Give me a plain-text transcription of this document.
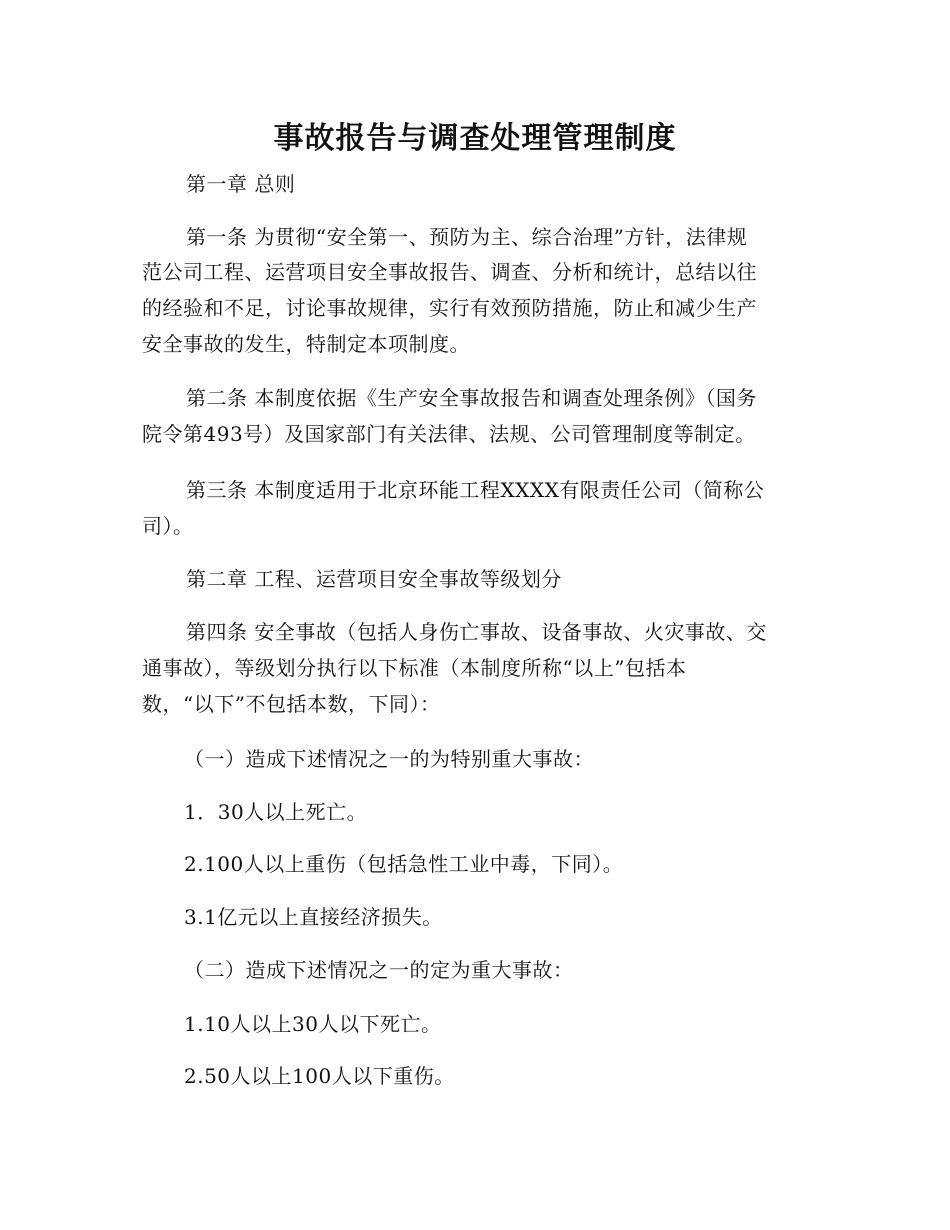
事故报告与调查处理管理制度
第一章 总则
第一条 为贯彻“安全第一、预防为主、综合治理”方针，法律规
范公司工程、运营项目安全事故报告、调查、分析和统计，总结以往
的经验和不足，讨论事故规律，实行有效预防措施，防止和减少生产
安全事故的发生，特制定本项制度。
第二条 本制度依据《生产安全事故报告和调查处理条例》（国务
院令第493号）及国家部门有关法律、法规、公司管理制度等制定。
第三条 本制度适用于北京环能工程XXXX有限责任公司（简称公
司）。
第二章 工程、运营项目安全事故等级划分
第四条 安全事故（包括人身伤亡事故、设备事故、火灾事故、交
通事故），等级划分执行以下标准（本制度所称“以上”包括本
数，“以下”不包括本数，下同）：
（一）造成下述情况之一的为特别重大事故：
1．30人以上死亡。
2.100人以上重伤（包括急性工业中毒，下同）。
3.1亿元以上直接经济损失。
（二）造成下述情况之一的定为重大事故：
1.10人以上30人以下死亡。
2.50人以上100人以下重伤。
